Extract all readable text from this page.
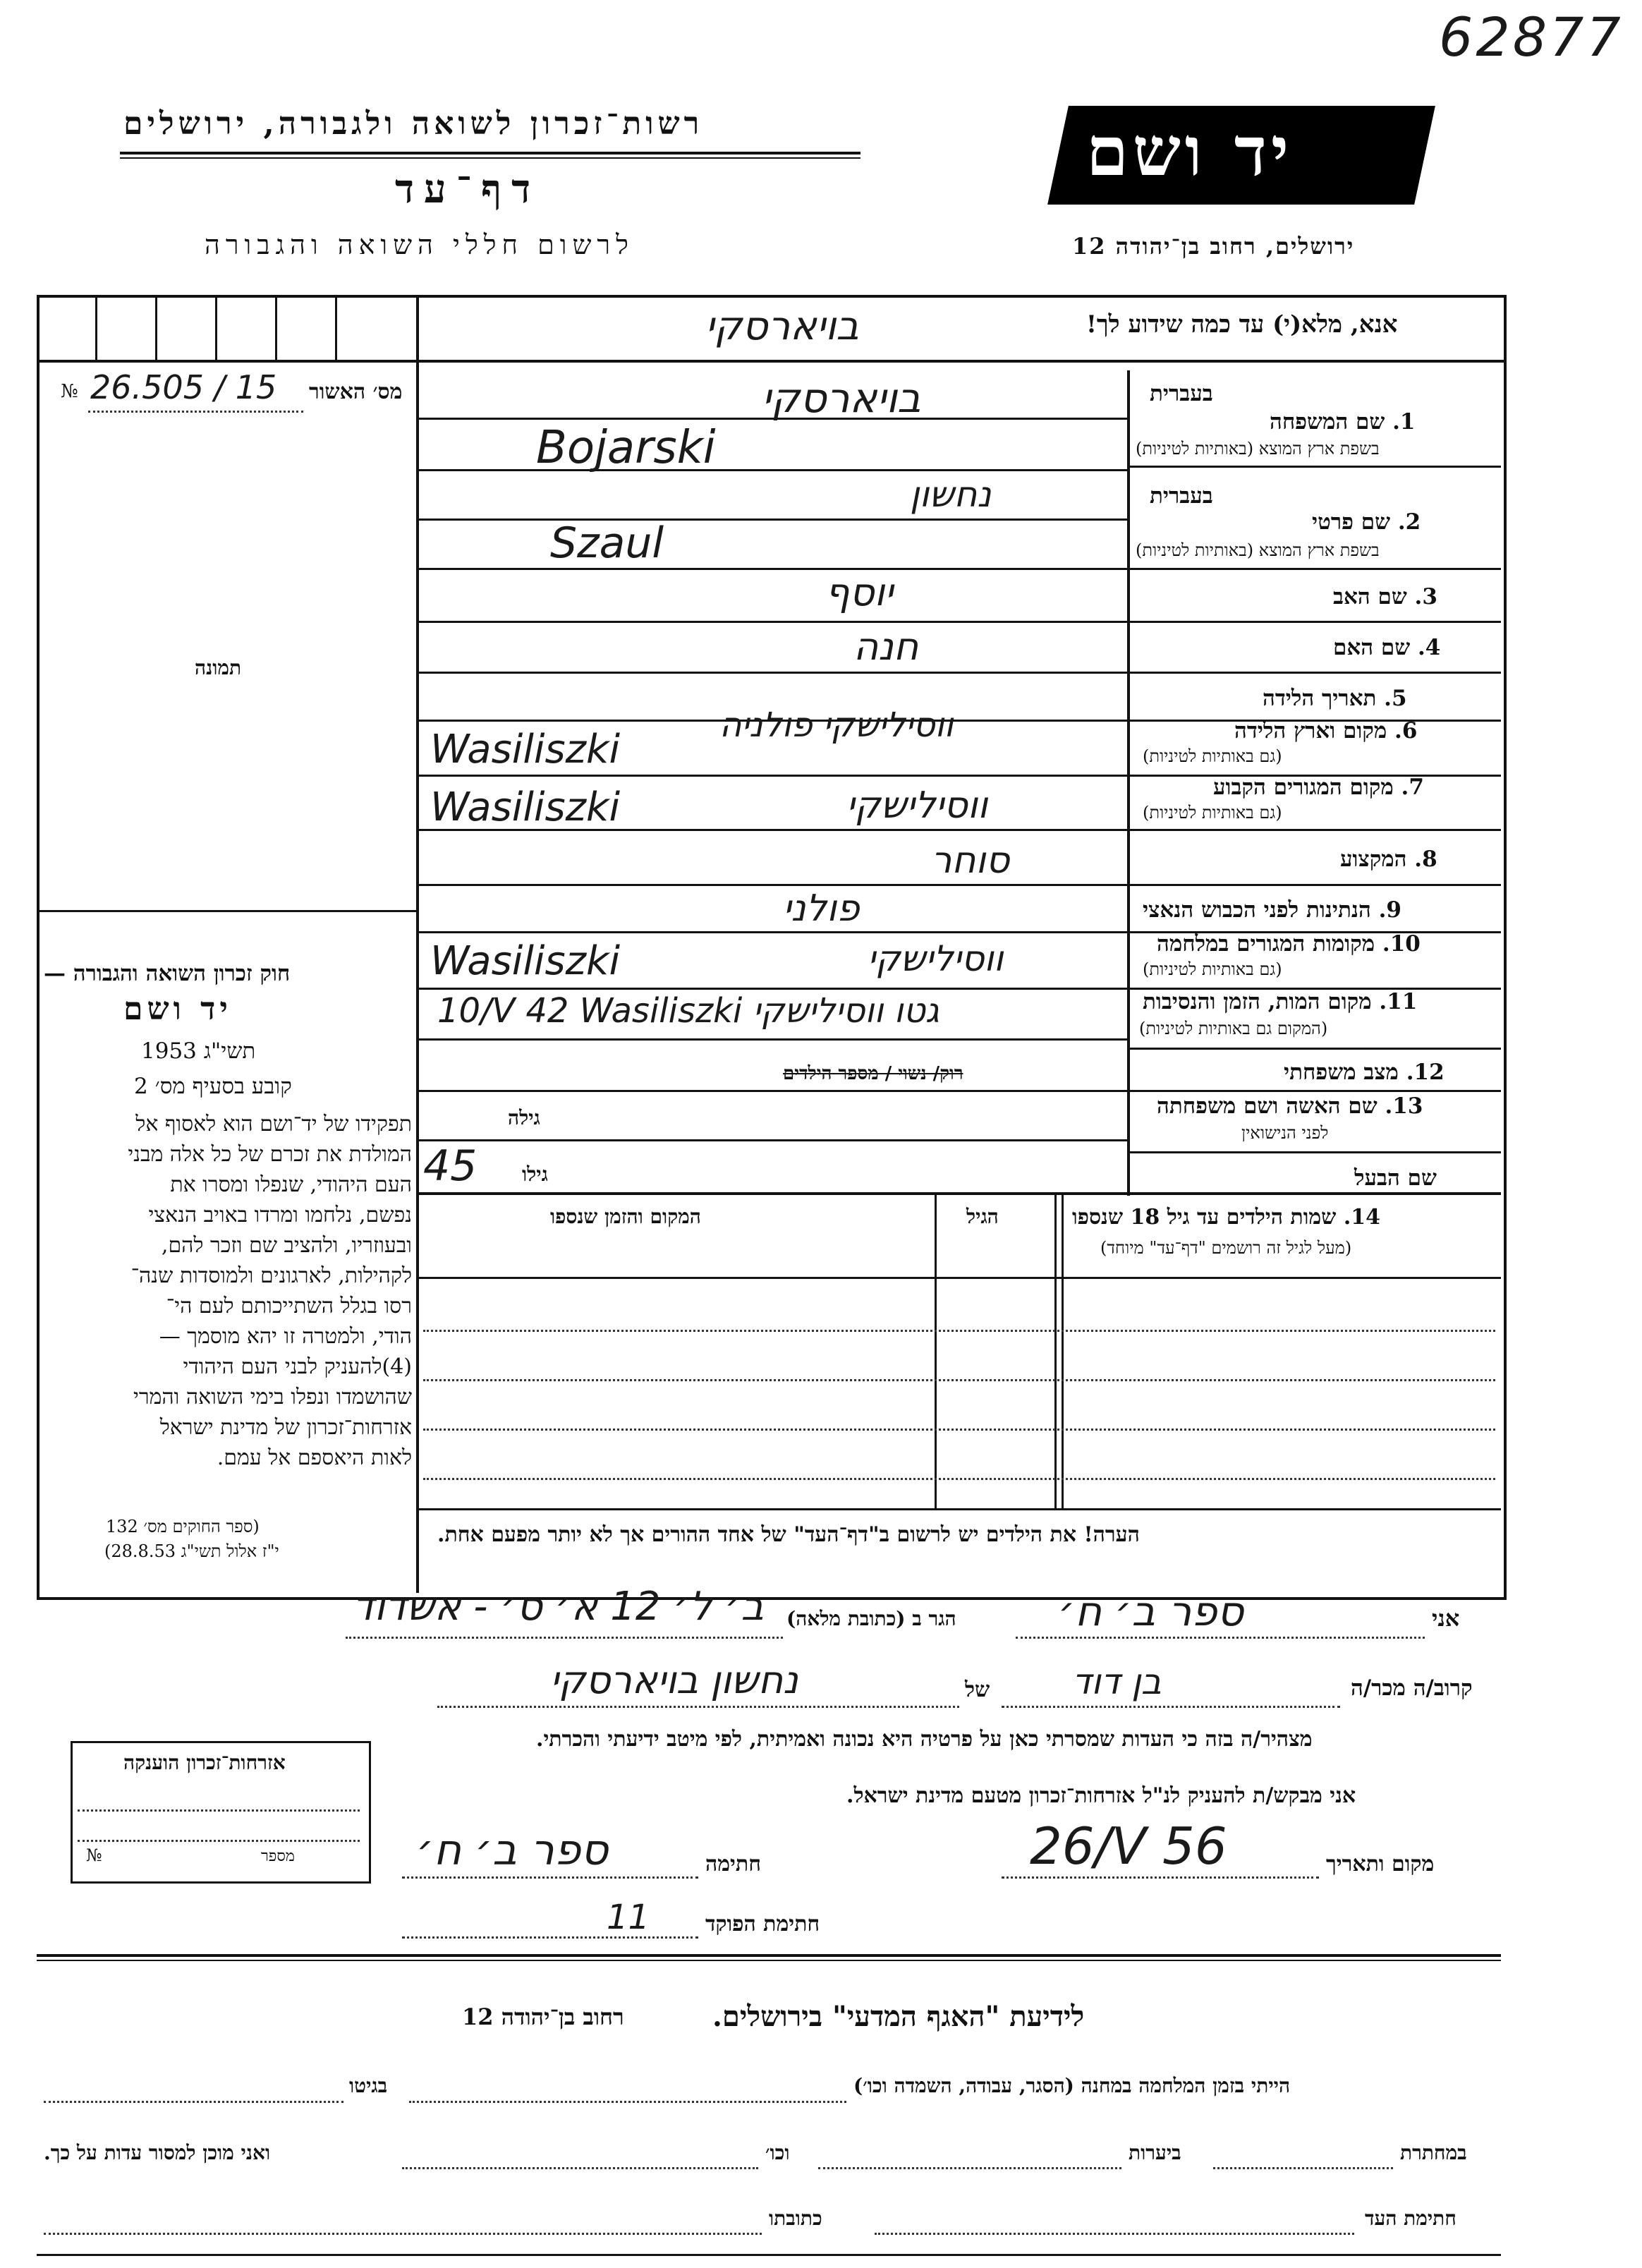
62877
רשות־זכרון לשואה ולגבורה, ירושלים
דף־עד
לרשום חללי השואה והגבורה
יד ושם
ירושלים, רחוב בן־יהודה 12
אנא, מלא(י) עד כמה שידוע לך!
בויארסקי
מס׳ האשור
№ 26.505 / 15
תמונה
בעברית
1. שם המשפחה
בשפת ארץ המוצא (באותיות לטיניות)
בעברית
2. שם פרטי
בשפת ארץ המוצא (באותיות לטיניות)
3. שם האב
4. שם האם
5. תאריך הלידה
6. מקום וארץ הלידה
(גם באותיות לטיניות)
7. מקום המגורים הקבוע
(גם באותיות לטיניות)
8. המקצוע
9. הנתינות לפני הכבוש הנאצי
10. מקומות המגורים במלחמה
(גם באותיות לטיניות)
11. מקום המות, הזמן והנסיבות
(המקום גם באותיות לטיניות)
12. מצב משפחתי
13. שם האשה ושם משפחתה
לפני הנישואין
שם הבעל
בויארסקי
Bojarski
נחשון
Szaul
יוסף
חנה
ווסילישקי פולניה
Wasiliszki
ווסילישקי
Wasiliszki
סוחר
פולני
ווסילישקי
Wasiliszki
10/V 42 Wasiliszki גטו ווסילישקי
רוק/ נשוי / מספר הילדים
גילה
גילו
45
14. שמות הילדים עד גיל 18 שנספו
(מעל לגיל זה רושמים "דף־עד" מיוחד)
הגיל
המקום והזמן שנספו
הערה! את הילדים יש לרשום ב"דף־העד" של אחד ההורים אך לא יותר מפעם אחת.
חוק זכרון השואה והגבורה —
יד ושם
תשי"ג 1953
קובע בסעיף מס׳ 2
תפקידו של יד־ושם הוא לאסוף אל
המולדת את זכרם של כל אלה מבני
העם היהודי, שנפלו ומסרו את
נפשם, נלחמו ומרדו באויב הנאצי
ובעוזריו, ולהציב שם וזכר להם,
לקהילות, לארגונים ולמוסדות שנה־
רסו בגלל השתייכותם לעם הי־
הודי, ולמטרה זו יהא מוסמך —
(4)להעניק לבני העם היהודי
שהושמדו ונפלו בימי השואה והמרי
אזרחות־זכרון של מדינת ישראל
לאות היאספם אל עמם.
(ספר החוקים מס׳ 132
י"ז אלול תשי"ג 28.8.53)
אני
ספר ב׳ ח׳
הגר ב (כתובת מלאה)
ב׳ ל׳ 12 א׳ ס׳ - אשדוד
קרוב/ה מכר/ה
בן דוד
של
נחשון בויארסקי
מצהיר/ה בזה כי העדות שמסרתי כאן על פרטיה היא נכונה ואמיתית, לפי מיטב ידיעתי והכרתי.
אני מבקש/ת להעניק לנ"ל אזרחות־זכרון מטעם מדינת ישראל.
מקום ותאריך
26/V 56
חתימה
ספר ב׳ ח׳
חתימת הפוקד
11
אזרחות־זכרון הוענקה
מספר
№
לידיעת "האגף המדעי" בירושלים.
רחוב בן־יהודה 12
הייתי בזמן המלחמה במחנה (הסגר, עבודה, השמדה וכו׳)
בגיטו
במחתרת
ביערות
וכו׳
ואני מוכן למסור עדות על כך.
חתימת העד
כתובתו
